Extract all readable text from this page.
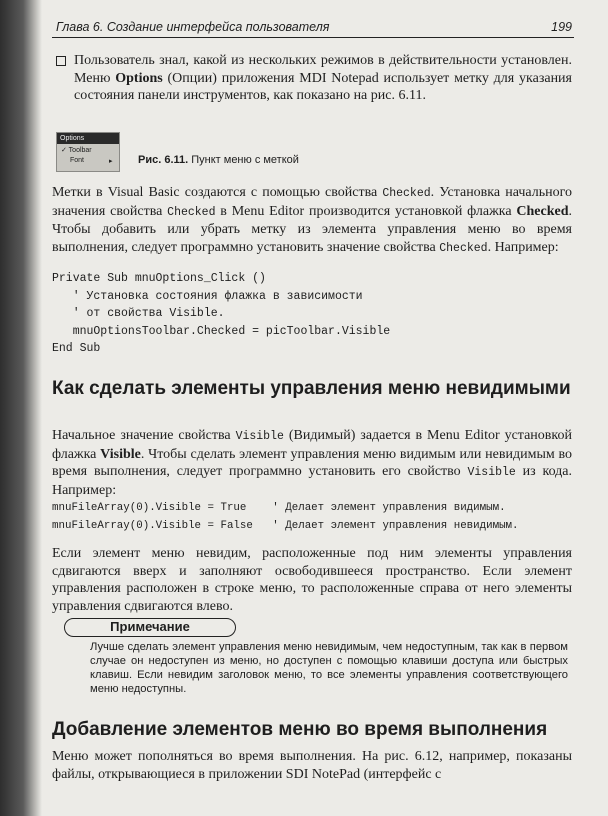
Глава 6. Создание интерфейса пользователя	199
Пользователь знал, какой из нескольких режимов в действительности установлен. Меню Options (Опции) приложения MDI Notepad использует метку для указания состояния панели инструментов, как показано на рис. 6.11.
Options
✓ Toolbar
Font	▸ Рис. 6.11. Пункт меню с меткой
Метки в Visual Basic создаются с помощью свойства Checked. Установка начального значения свойства Checked в Menu Editor производится установкой флажка Checked. Чтобы добавить или убрать метку из элемента управления меню во время выполнения, следует программно установить значение свойства Checked. Например:
Private Sub mnuOptions_Click ()
' Установка состояния флажка в зависимости
' от свойства Visible.
mnuOptionsToolbar.Checked = picToolbar.Visible
End Sub
Как сделать элементы управления меню невидимыми
Начальное значение свойства Visible (Видимый) задается в Menu Editor установкой флажка Visible. Чтобы сделать элемент управления меню видимым или невидимым во время выполнения, следует программно установить его свойство Visible из кода. Например:
mnuFileArray(0).Visible = True    ' Делает элемент управления видимым.
mnuFileArray(0).Visible = False   ' Делает элемент управления невидимым.
Если элемент меню невидим, расположенные под ним элементы управления сдвигаются вверх и заполняют освободившееся пространство. Если элемент управления расположен в строке меню, то расположенные справа от него элементы управления сдвигаются влево.
Примечание
Лучше сделать элемент управления меню невидимым, чем недоступным, так как в первом случае он недоступен из меню, но доступен с помощью клавиши доступа или быстрых клавиш. Если невидим заголовок меню, то все элементы управления соответствующего меню недоступны.
Добавление элементов меню во время выполнения
Меню может пополняться во время выполнения. На рис. 6.12, например, показаны файлы, открывающиеся в приложении SDI NotePad (интерфейс с
